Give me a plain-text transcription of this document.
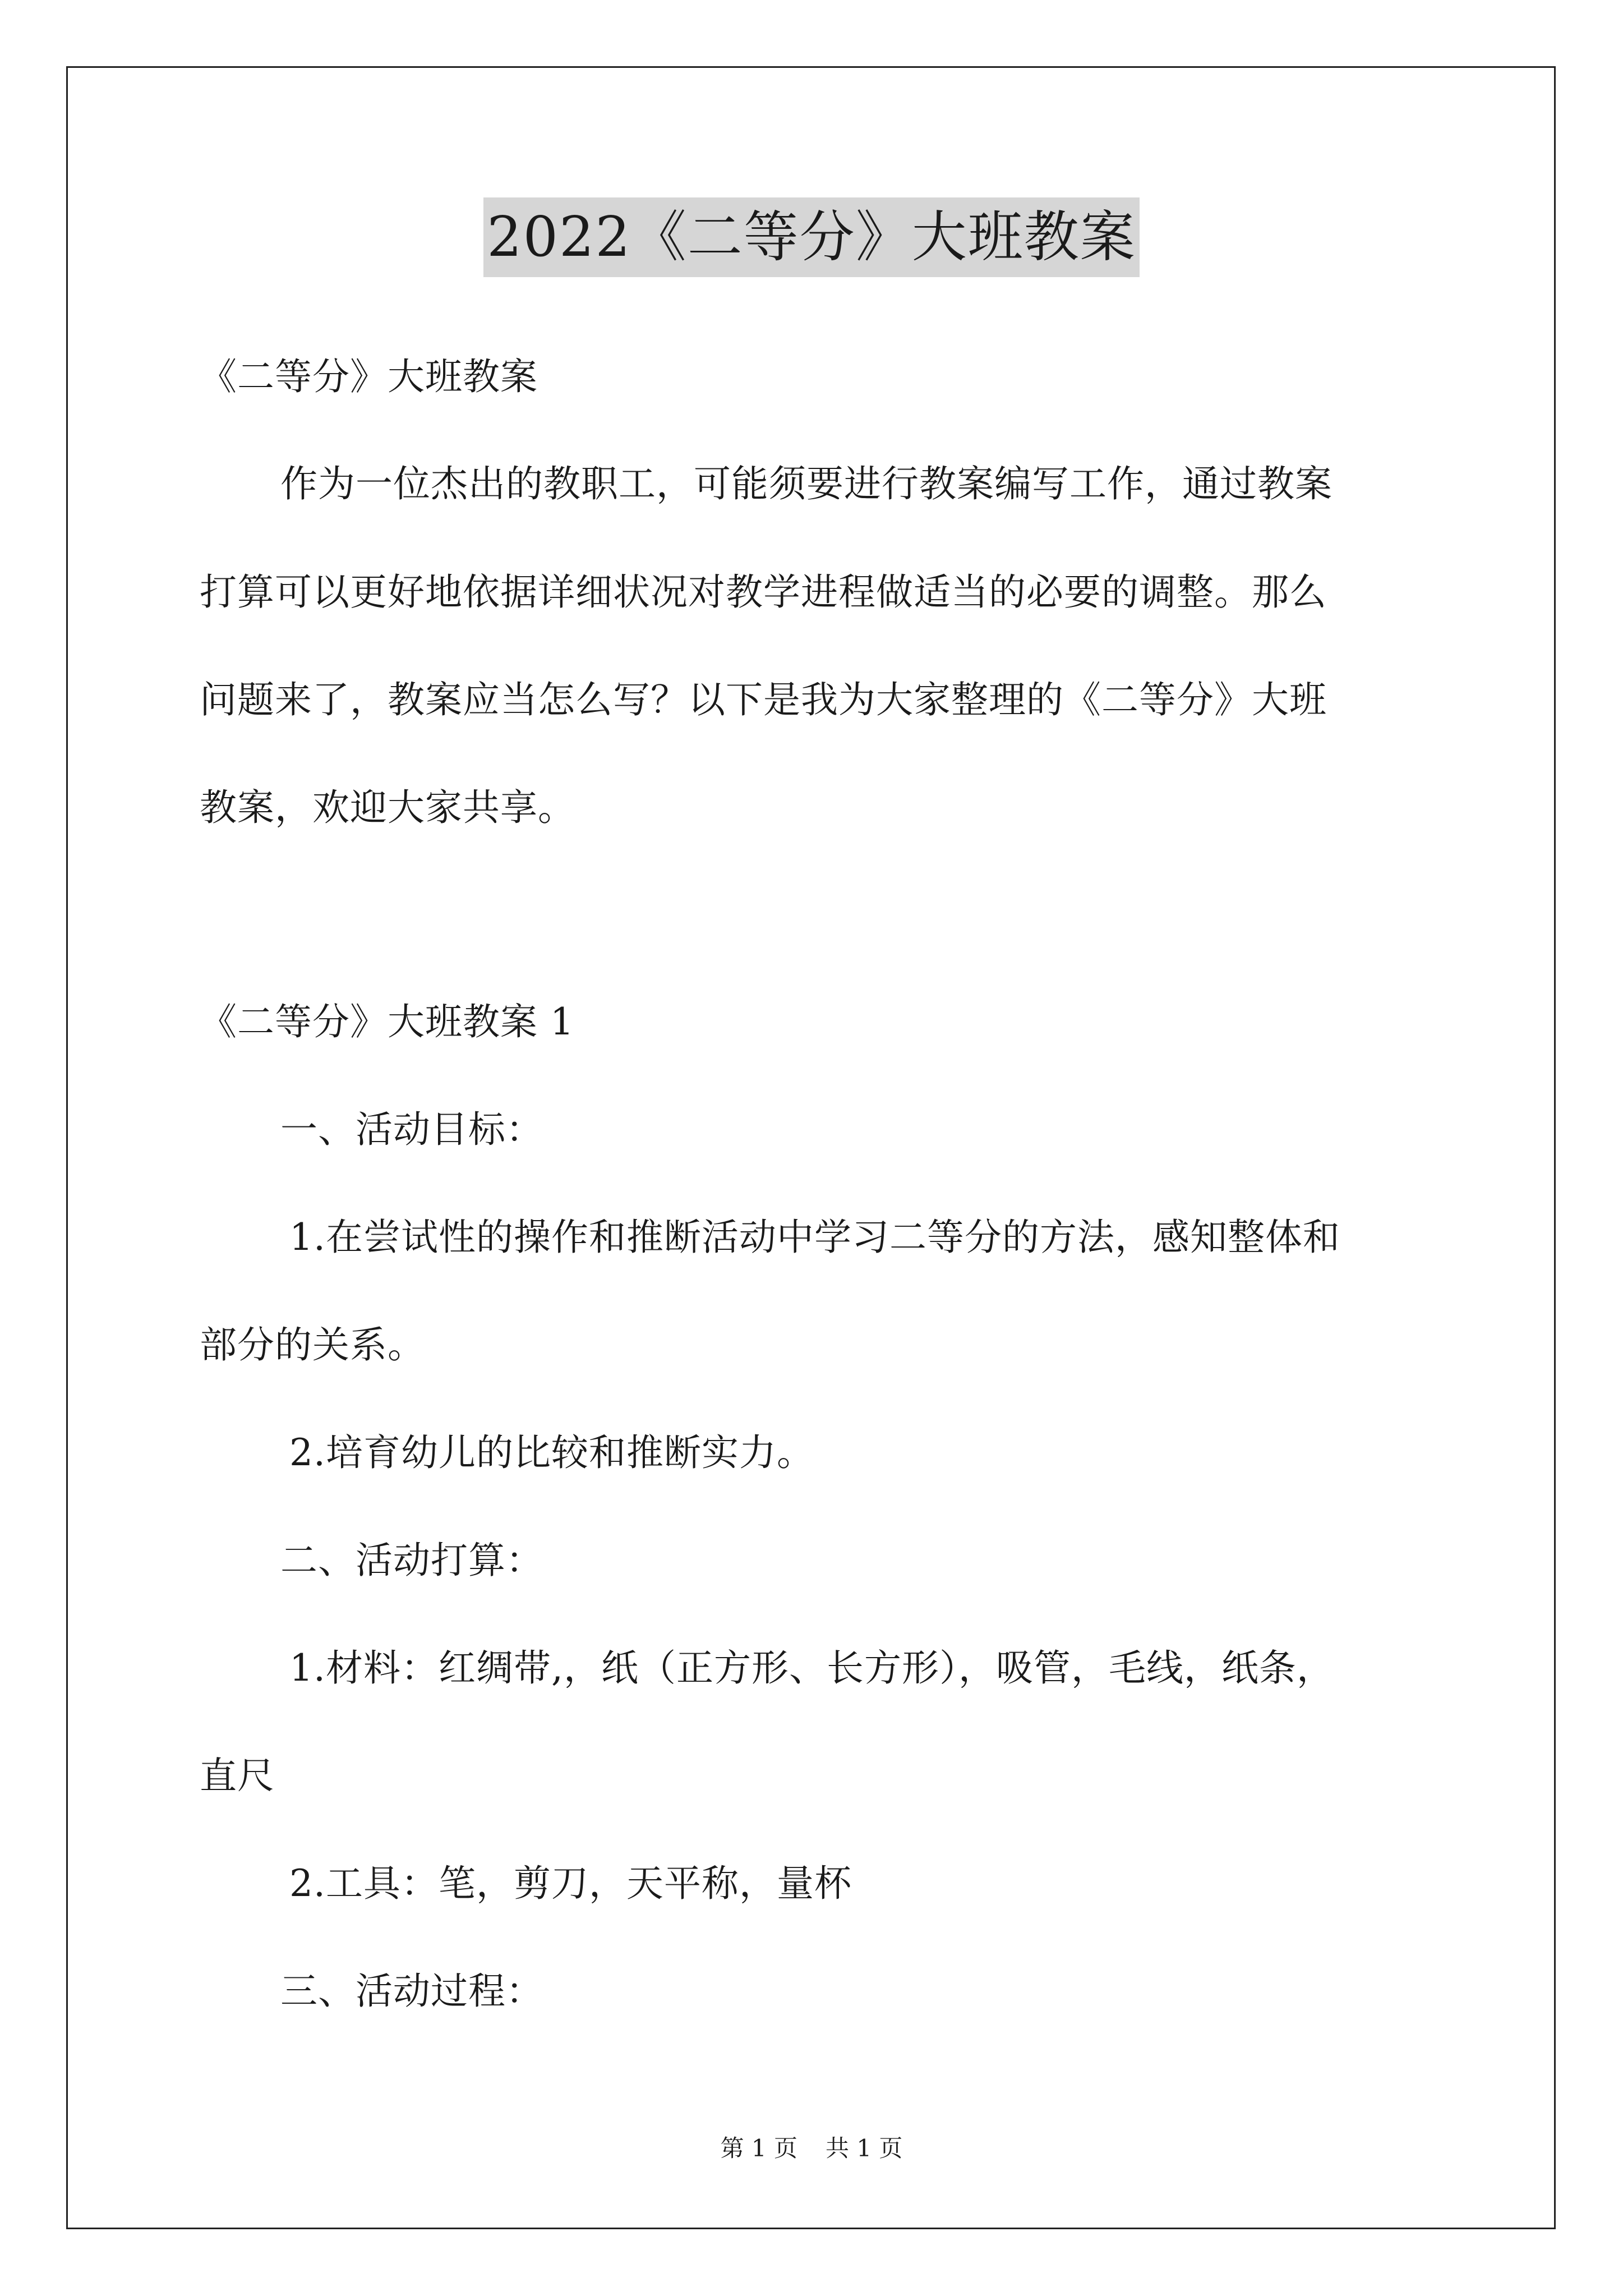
2022《二等分》大班教案
《二等分》大班教案
作为一位杰出的教职工，可能须要进行教案编写工作，通过教案
打算可以更好地依据详细状况对教学进程做适当的必要的调整。那么
问题来了，教案应当怎么写？以下是我为大家整理的《二等分》大班
教案，欢迎大家共享。
《二等分》大班教案 1
一、活动目标：
1.在尝试性的操作和推断活动中学习二等分的方法，感知整体和
部分的关系。
2.培育幼儿的比较和推断实力。
二、活动打算：
1.材料：红绸带,，纸（正方形、长方形），吸管，毛线，纸条，
直尺
2.工具：笔，剪刀，天平称，量杯
三、活动过程：
第 1 页 共 1 页
